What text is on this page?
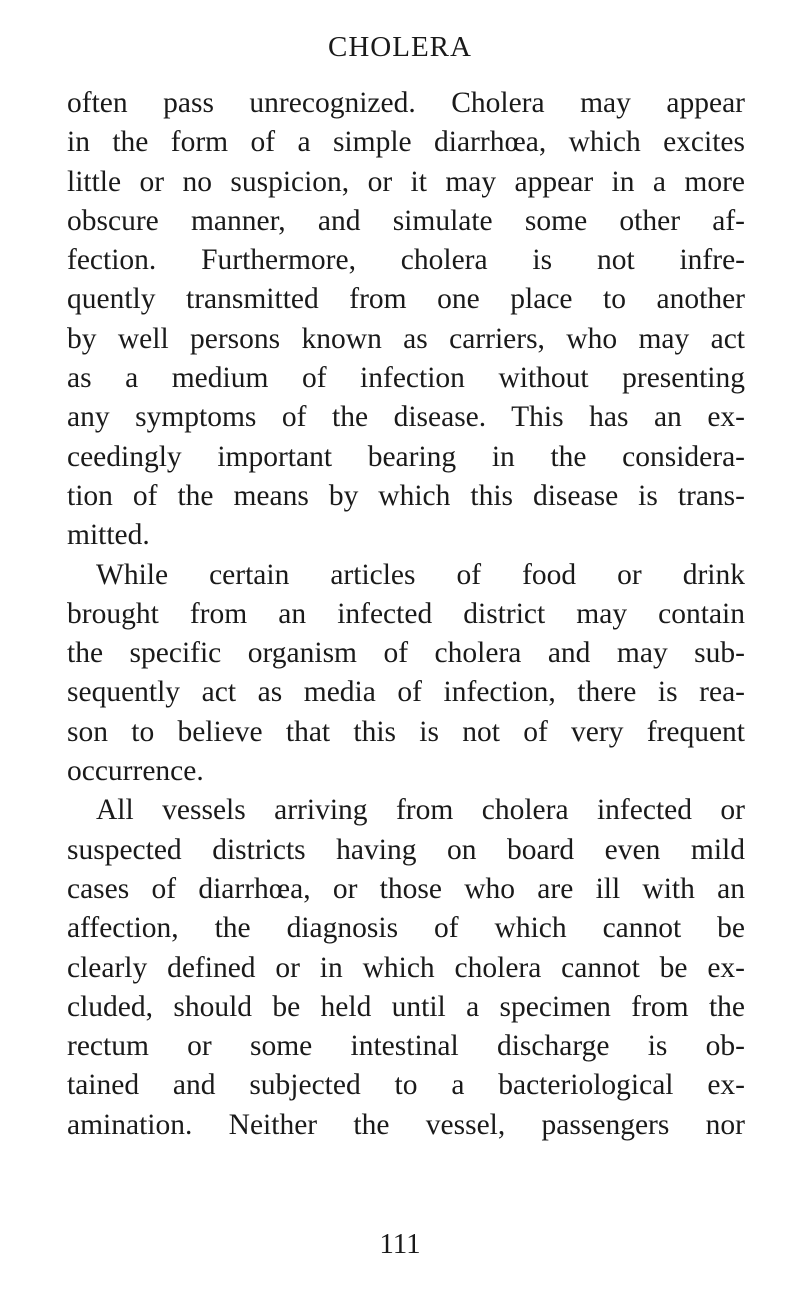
CHOLERA
often pass unrecognized. Cholera may appear
in the form of a simple diarrhœa, which excites
little or no suspicion, or it may appear in a more
obscure manner, and simulate some other af-
fection. Furthermore, cholera is not infre-
quently transmitted from one place to another
by well persons known as carriers, who may act
as a medium of infection without presenting
any symptoms of the disease. This has an ex-
ceedingly important bearing in the considera-
tion of the means by which this disease is trans-
mitted.
While certain articles of food or drink
brought from an infected district may contain
the specific organism of cholera and may sub-
sequently act as media of infection, there is rea-
son to believe that this is not of very frequent
occurrence.
All vessels arriving from cholera infected or
suspected districts having on board even mild
cases of diarrhœa, or those who are ill with an
affection, the diagnosis of which cannot be
clearly defined or in which cholera cannot be ex-
cluded, should be held until a specimen from the
rectum or some intestinal discharge is ob-
tained and subjected to a bacteriological ex-
amination. Neither the vessel, passengers nor
111
